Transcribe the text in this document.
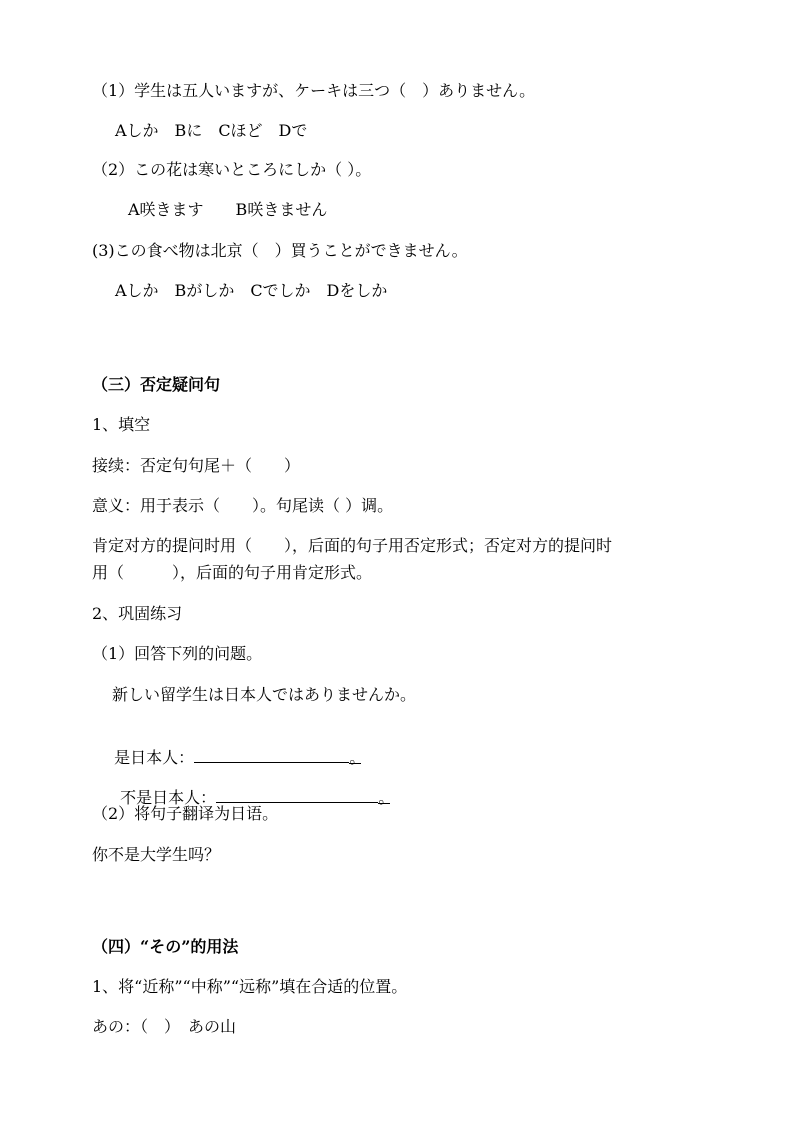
（1）学生は五人いますが、ケーキは三つ（　）ありません。
Aしか　Bに　Cほど　Dで
（2）この花は寒いところにしか（ ）。
A咲きます　　B咲きません
(3)この食べ物は北京（　）買うことができません。
Aしか　Bがしか　Cでしか　Dをしか
（三）否定疑问句
1、填空
接续：否定句句尾＋（　　）
意义：用于表示（　　）。句尾读（ ）调。
肯定对方的提问时用（　　），后面的句子用否定形式；否定对方的提问时
用（　　　），后面的句子用肯定形式。
2、巩固练习
（1）回答下列的问题。
新しい留学生は日本人ではありませんか。

是日本人：	。

不是日本人：	。

（2）将句子翻译为日语。
你不是大学生吗？
（四）“その”的用法
1、将“近称”“中称”“远称”填在合适的位置。
あの：（　）　あの山
